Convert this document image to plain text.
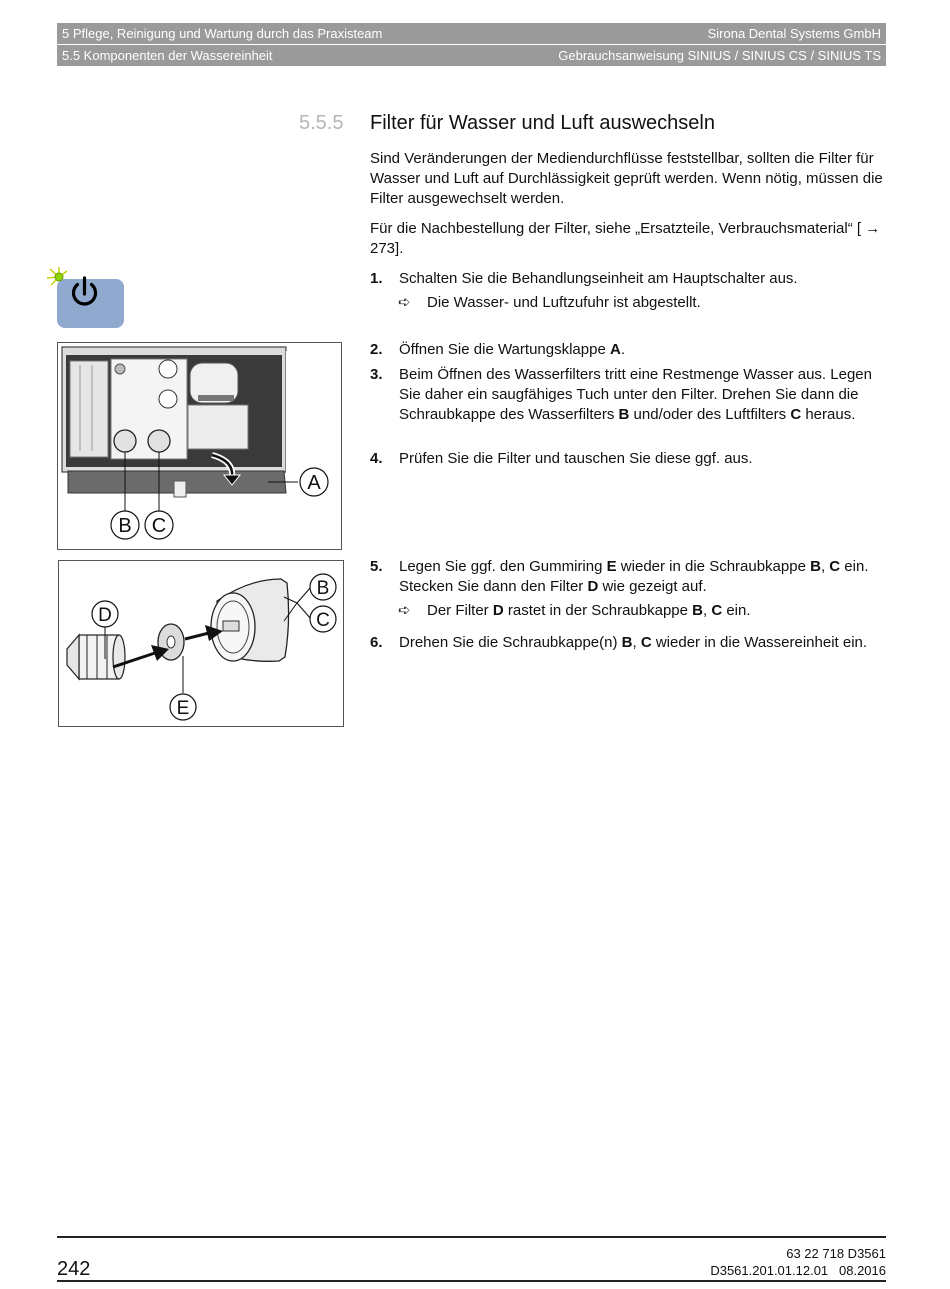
5 Pflege, Reinigung und Wartung durch das Praxisteam	Sirona Dental Systems GmbH
5.5 Komponenten der Wassereinheit	Gebrauchsanweisung SINIUS / SINIUS CS / SINIUS TS
5.5.5 Filter für Wasser und Luft auswechseln

Sind Veränderungen der Mediendurchflüsse feststellbar, sollten die Filter für Wasser und Luft auf Durchlässigkeit geprüft werden. Wenn nötig, müssen die Filter ausgewechselt werden.

Für die Nachbestellung der Filter, siehe „Ersatzteile, Verbrauchsmaterial“ [ → 273].

1. Schalten Sie die Behandlungseinheit am Hauptschalter aus.
➪ Die Wasser- und Luftzufuhr ist abgestellt.
A
B C
2. Öffnen Sie die Wartungsklappe A.
3. Beim Öffnen des Wasserfilters tritt eine Restmenge Wasser aus. Legen Sie daher ein saugfähiges Tuch unter den Filter. Drehen Sie dann die Schraubkappe des Wasserfilters B und/oder des Luftfilters C heraus.
4. Prüfen Sie die Filter und tauschen Sie diese ggf. aus.
B
C
D
E
5. Legen Sie ggf. den Gummiring E wieder in die Schraubkappe B, C ein. Stecken Sie dann den Filter D wie gezeigt auf.
➪ Der Filter D rastet in der Schraubkappe B, C ein.
6. Drehen Sie die Schraubkappe(n) B, C wieder in die Wassereinheit ein.
242
63 22 718 D3561
D3561.201.01.12.01 08.2016
